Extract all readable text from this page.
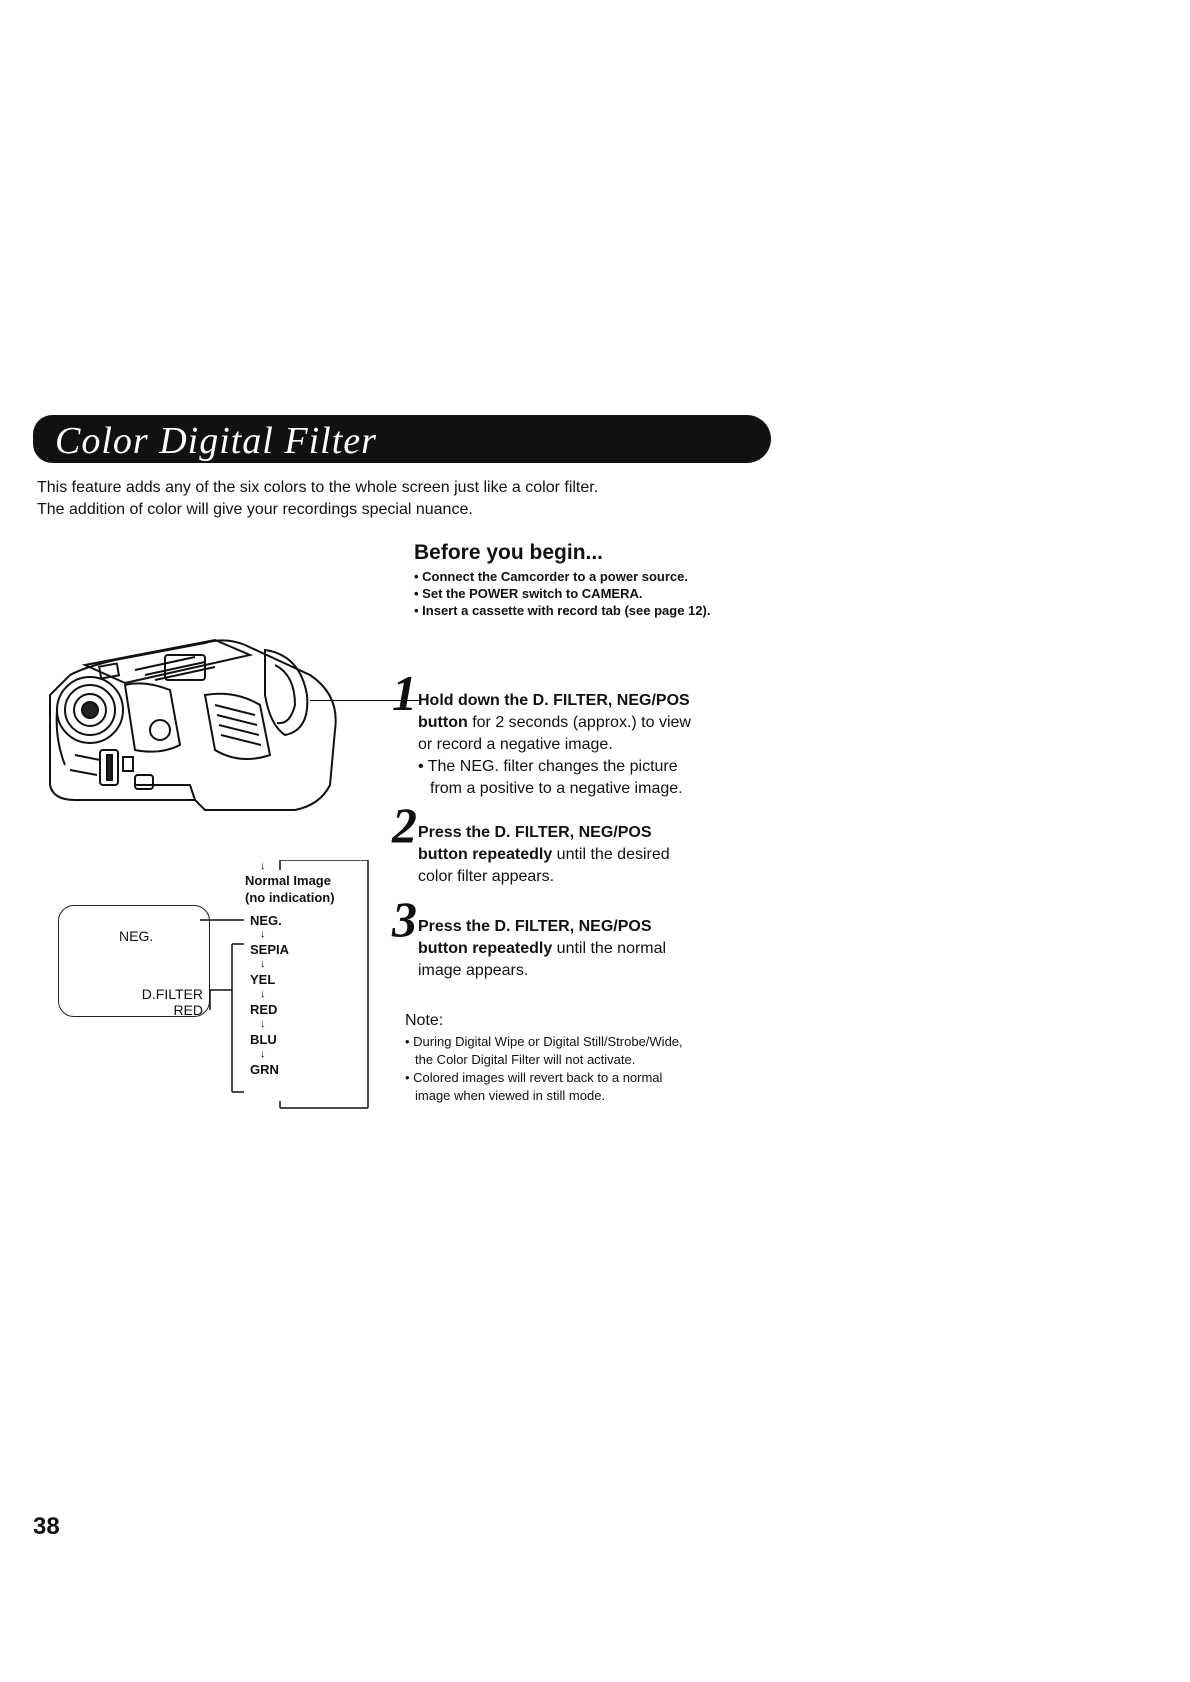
Color Digital Filter

This feature adds any of the six colors to the whole screen just like a color filter.

The addition of color will give your recordings special nuance.

Before you begin...
• Connect the Camcorder to a power source.
• Set the POWER switch to CAMERA.
• Insert a cassette with record tab (see page 12).
1 Hold down the D. FILTER, NEG/POS
button for 2 seconds (approx.) to view
or record a negative image.
• The NEG. filter changes the picture
from a positive to a negative image.
2 Press the D. FILTER, NEG/POS
button repeatedly until the desired
color filter appears.
3 Press the D. FILTER, NEG/POS
button repeatedly until the normal
image appears.
Note:
• During Digital Wipe or Digital Still/Strobe/Wide,
the Color Digital Filter will not activate.
• Colored images will revert back to a normal
image when viewed in still mode.
NEG.
D.FILTER
RED
Normal Image
(no indication)
NEG.
SEPIA
YEL
RED
BLU
GRN
↓
↓
↓
↓
↓
↓
38
